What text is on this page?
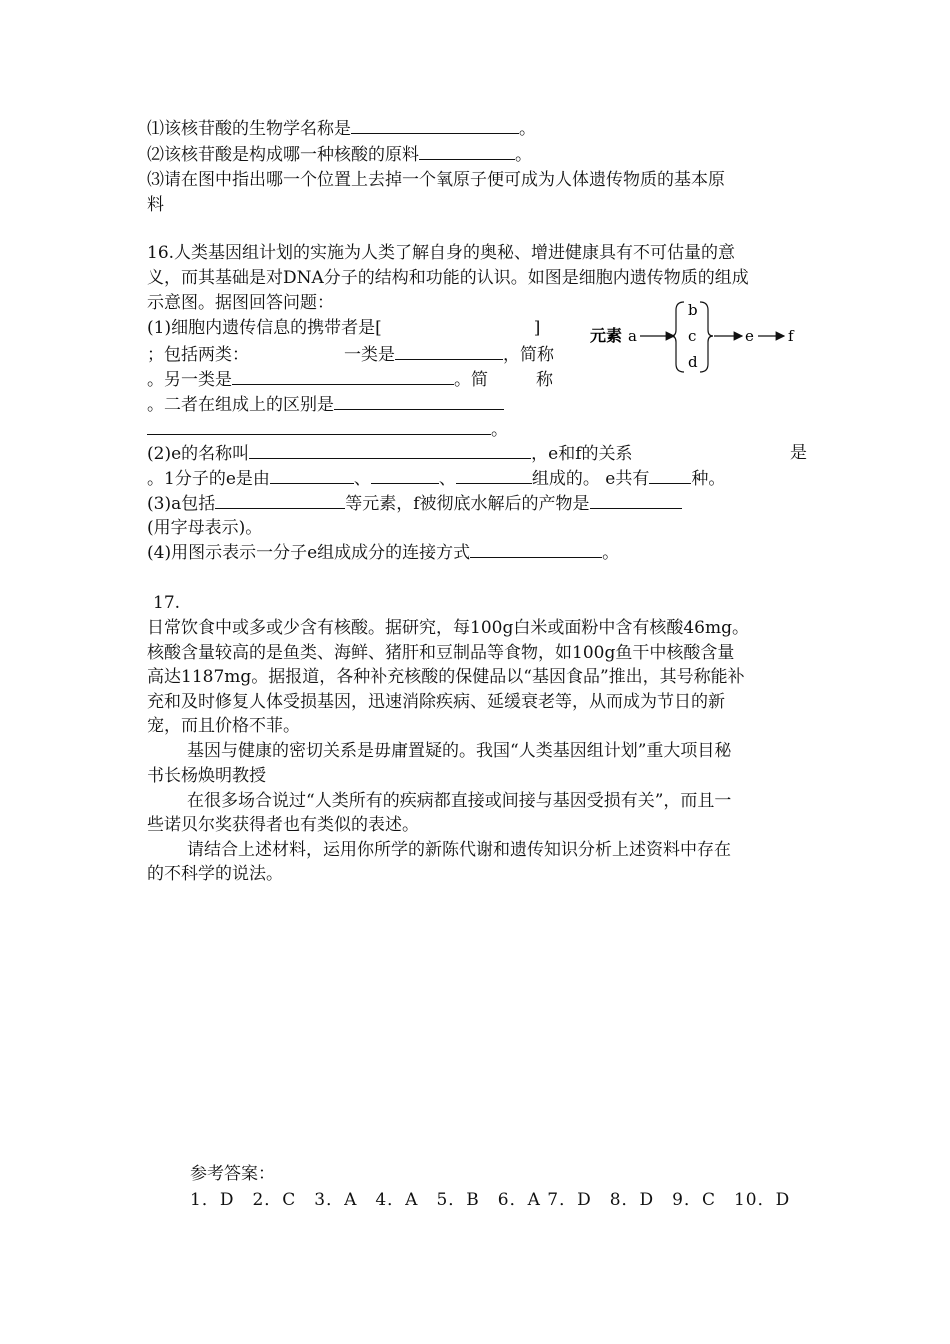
⑴该核苷酸的生物学名称是	。
⑵该核苷酸是构成哪一种核酸的原料	。
⑶请在图中指出哪一个位置上去掉一个氧原子便可成为人体遗传物质的基本原
料
16.人类基因组计划的实施为人类了解自身的奥秘、增进健康具有不可估量的意
义，而其基础是对DNA分子的结构和功能的认识。如图是细胞内遗传物质的组成
示意图。据图回答问题：
(1)细胞内遗传信息的携带者是[	]
；包括两类：	一类是	，简称
。另一类是	。简	称
。二者在组成上的区别是
。
(2)e的名称叫	，e和f的关系	是
。1分子的e是由	、	、	组成的。 e共有 种。
(3)a包括	等元素，f被彻底水解后的产物是
(用字母表示)。
(4)用图示表示一分子e组成成分的连接方式	。
元素 a
b
c
d
e f
17.
日常饮食中或多或少含有核酸。据研究，每100g白米或面粉中含有核酸46mg。
核酸含量较高的是鱼类、海鲜、猪肝和豆制品等食物，如100g鱼干中核酸含量
高达1187mg。据报道，各种补充核酸的保健品以“基因食品”推出，其号称能补
充和及时修复人体受损基因，迅速消除疾病、延缓衰老等，从而成为节日的新
宠，而且价格不菲。
基因与健康的密切关系是毋庸置疑的。我国“人类基因组计划”重大项目秘
书长杨焕明教授
在很多场合说过“人类所有的疾病都直接或间接与基因受损有关”，而且一
些诺贝尔奖获得者也有类似的表述。
请结合上述材料，运用你所学的新陈代谢和遗传知识分析上述资料中存在
的不科学的说法。
参考答案：
1．D　2．C　3．A　4．A　5．B　6．A 7．D　8．D　9．C　10．D
